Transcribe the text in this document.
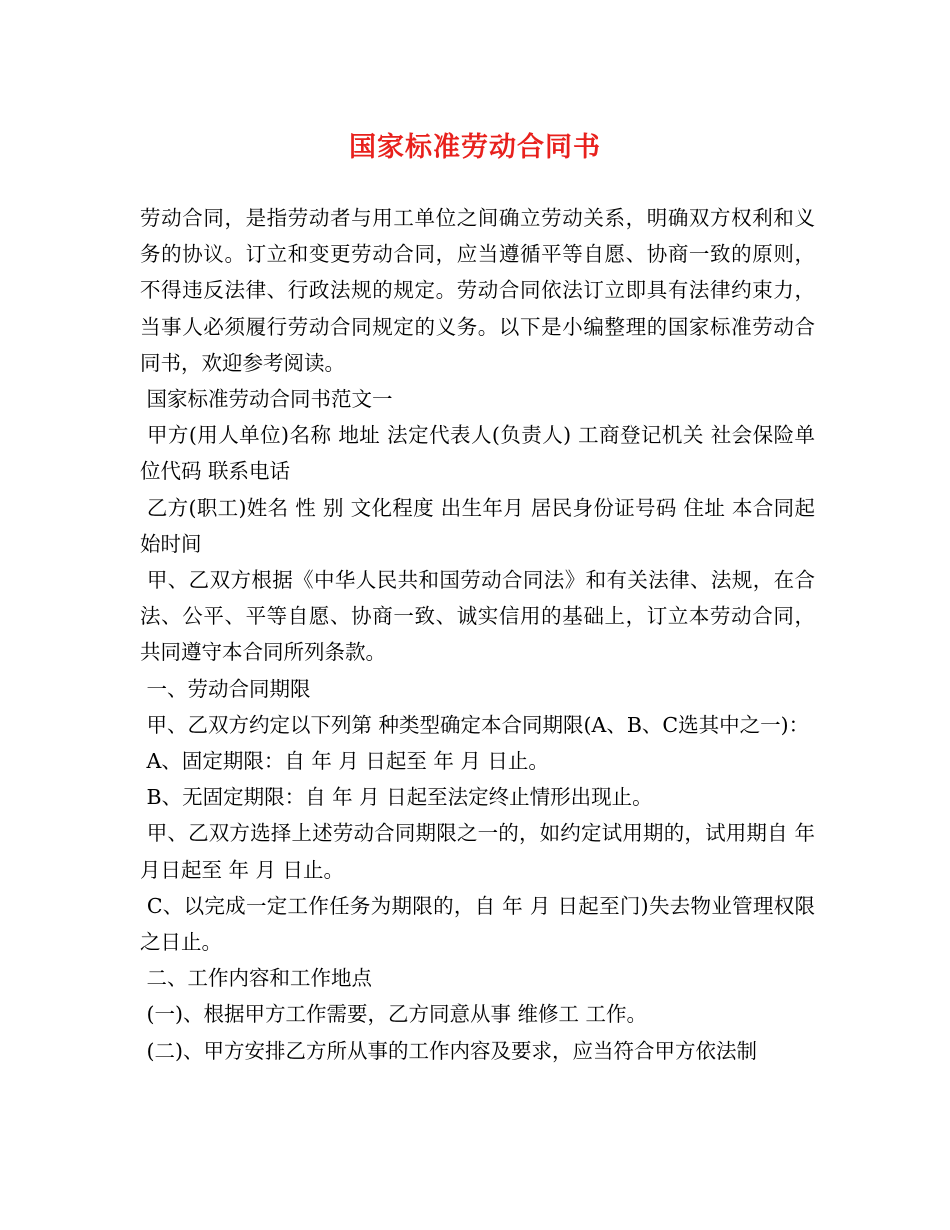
国家标准劳动合同书

劳动合同，是指劳动者与用工单位之间确立劳动关系，明确双方权利和义务的协议。订立和变更劳动合同，应当遵循平等自愿、协商一致的原则，不得违反法律、行政法规的规定。劳动合同依法订立即具有法律约束力，当事人必须履行劳动合同规定的义务。以下是小编整理的国家标准劳动合同书，欢迎参考阅读。

国家标准劳动合同书范文一

甲方(用人单位)名称 地址 法定代表人(负责人) 工商登记机关 社会保险单位代码 联系电话

乙方(职工)姓名 性 别 文化程度 出生年月 居民身份证号码 住址 本合同起始时间

甲、乙双方根据《中华人民共和国劳动合同法》和有关法律、法规，在合法、公平、平等自愿、协商一致、诚实信用的基础上，订立本劳动合同，共同遵守本合同所列条款。

一、劳动合同期限

甲、乙双方约定以下列第 种类型确定本合同期限(A、B、C选其中之一)：

A、固定期限：自 年 月 日起至 年 月 日止。

B、无固定期限：自 年 月 日起至法定终止情形出现止。

甲、乙双方选择上述劳动合同期限之一的，如约定试用期的，试用期自 年 月日起至 年 月 日止。

C、以完成一定工作任务为期限的，自 年 月 日起至门)失去物业管理权限 之日止。

二、工作内容和工作地点

(一)、根据甲方工作需要，乙方同意从事 维修工 工作。

(二)、甲方安排乙方所从事的工作内容及要求，应当符合甲方依法制
